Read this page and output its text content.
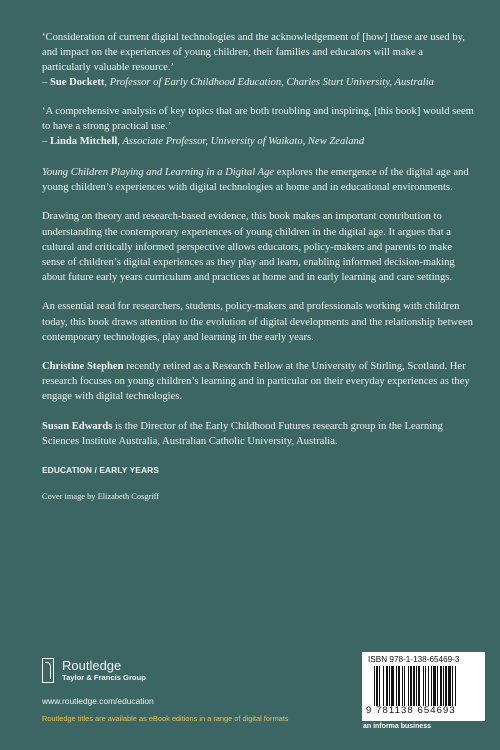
‘Consideration of current digital technologies and the acknowledgement of [how] these are used by, and impact on the experiences of young children, their families and educators will make a particularly valuable resource.’

– Sue Dockett, Professor of Early Childhood Education, Charles Sturt University, Australia

‘A comprehensive analysis of key topics that are both troubling and inspiring, [this book] would seem to have a strong practical use.’

– Linda Mitchell, Associate Professor, University of Waikato, New Zealand

Young Children Playing and Learning in a Digital Age explores the emergence of the digital age and young children’s experiences with digital technologies at home and in educational environments.

Drawing on theory and research-based evidence, this book makes an important contribution to understanding the contemporary experiences of young children in the digital age. It argues that a cultural and critically informed perspective allows educators, policy-makers and parents to make sense of children’s digital experiences as they play and learn, enabling informed decision-making about future early years curriculum and practices at home and in early learning and care settings.

An essential read for researchers, students, policy-makers and professionals working with children today, this book draws attention to the evolution of digital developments and the relationship between contemporary technologies, play and learning in the early years.

Christine Stephen recently retired as a Research Fellow at the University of Stirling, Scotland. Her research focuses on young children’s learning and in particular on their everyday experiences as they engage with digital technologies.

Susan Edwards is the Director of the Early Childhood Futures research group in the Learning Sciences Institute Australia, Australian Catholic University, Australia.

EDUCATION / EARLY YEARS

Cover image by Elizabeth Cosgriff

Routledge
Taylor & Francis Group
www.routledge.com/education
Routledge titles are available as eBook editions in a range of digital formats
ISBN 978-1-138-65469-3
9 781138 654693
an informa business
